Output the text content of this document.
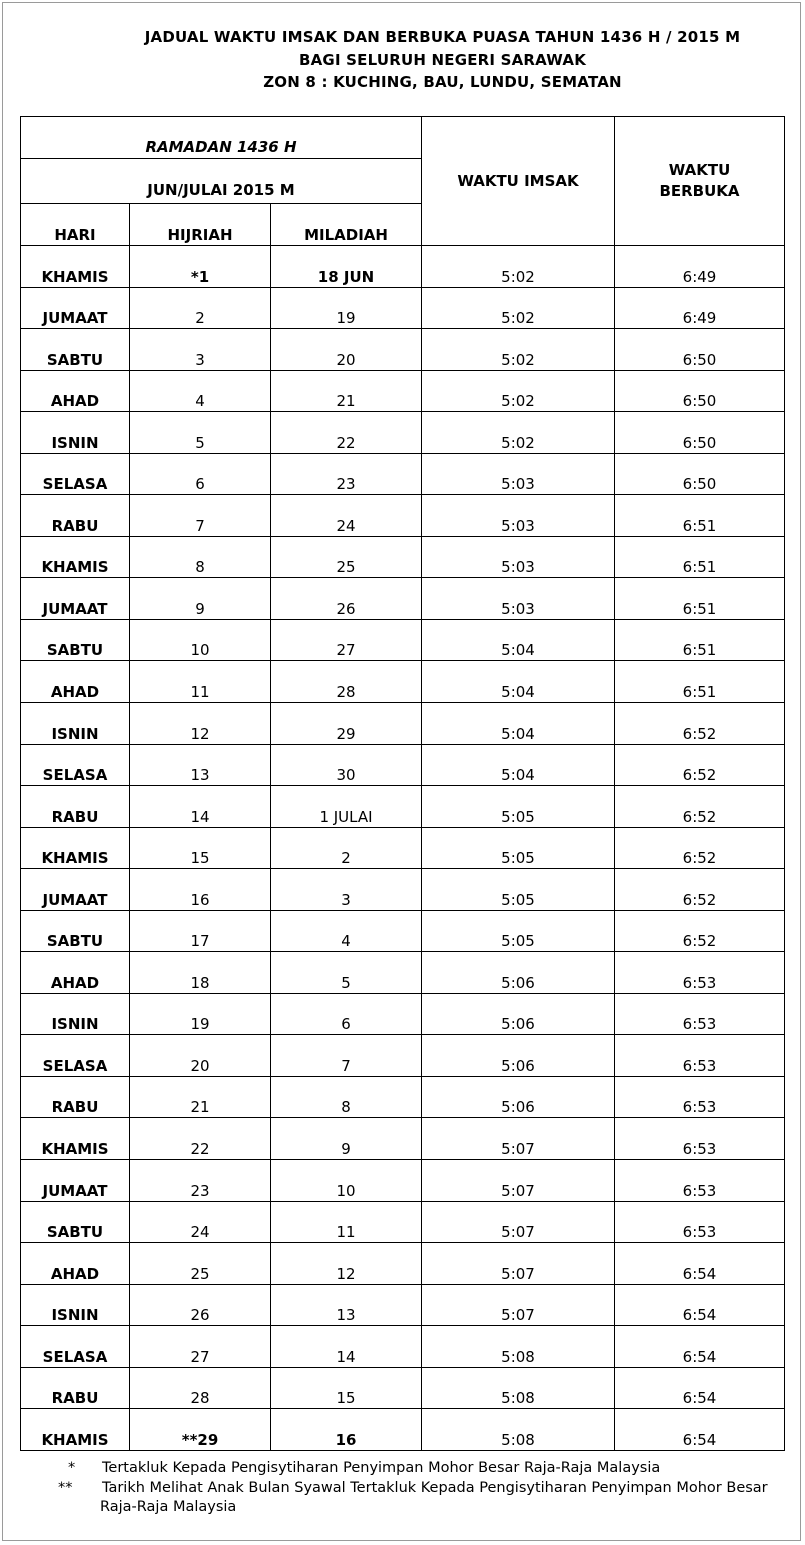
JADUAL WAKTU IMSAK DAN BERBUKA PUASA TAHUN 1436 H / 2015 M
BAGI SELURUH NEGERI SARAWAK
ZON 8 : KUCHING, BAU, LUNDU, SEMATAN
RAMADAN 1436 H			WAKTU IMSAK	WAKTU
BERBUKA

JUN/JULAI 2015 M				
HARI	HIJRIAH	MILADIAH		
KHAMIS	*1	18 JUN	5:02	6:49
JUMAAT	2	19	5:02	6:49
SABTU	3	20	5:02	6:50
AHAD	4	21	5:02	6:50
ISNIN	5	22	5:02	6:50
SELASA	6	23	5:03	6:50
RABU	7	24	5:03	6:51
KHAMIS	8	25	5:03	6:51
JUMAAT	9	26	5:03	6:51
SABTU	10	27	5:04	6:51
AHAD	11	28	5:04	6:51
ISNIN	12	29	5:04	6:52
SELASA	13	30	5:04	6:52
RABU	14	1 JULAI	5:05	6:52
KHAMIS	15	2	5:05	6:52
JUMAAT	16	3	5:05	6:52
SABTU	17	4	5:05	6:52
AHAD	18	5	5:06	6:53
ISNIN	19	6	5:06	6:53
SELASA	20	7	5:06	6:53
RABU	21	8	5:06	6:53
KHAMIS	22	9	5:07	6:53
JUMAAT	23	10	5:07	6:53
SABTU	24	11	5:07	6:53
AHAD	25	12	5:07	6:54
ISNIN	26	13	5:07	6:54
SELASA	27	14	5:08	6:54
RABU	28	15	5:08	6:54
KHAMIS	**29	16	5:08	6:54
* Tertakluk Kepada Pengisytiharan Penyimpan Mohor Besar Raja-Raja Malaysia
** Tarikh Melihat Anak Bulan Syawal Tertakluk Kepada Pengisytiharan Penyimpan Mohor Besar
Raja-Raja Malaysia
